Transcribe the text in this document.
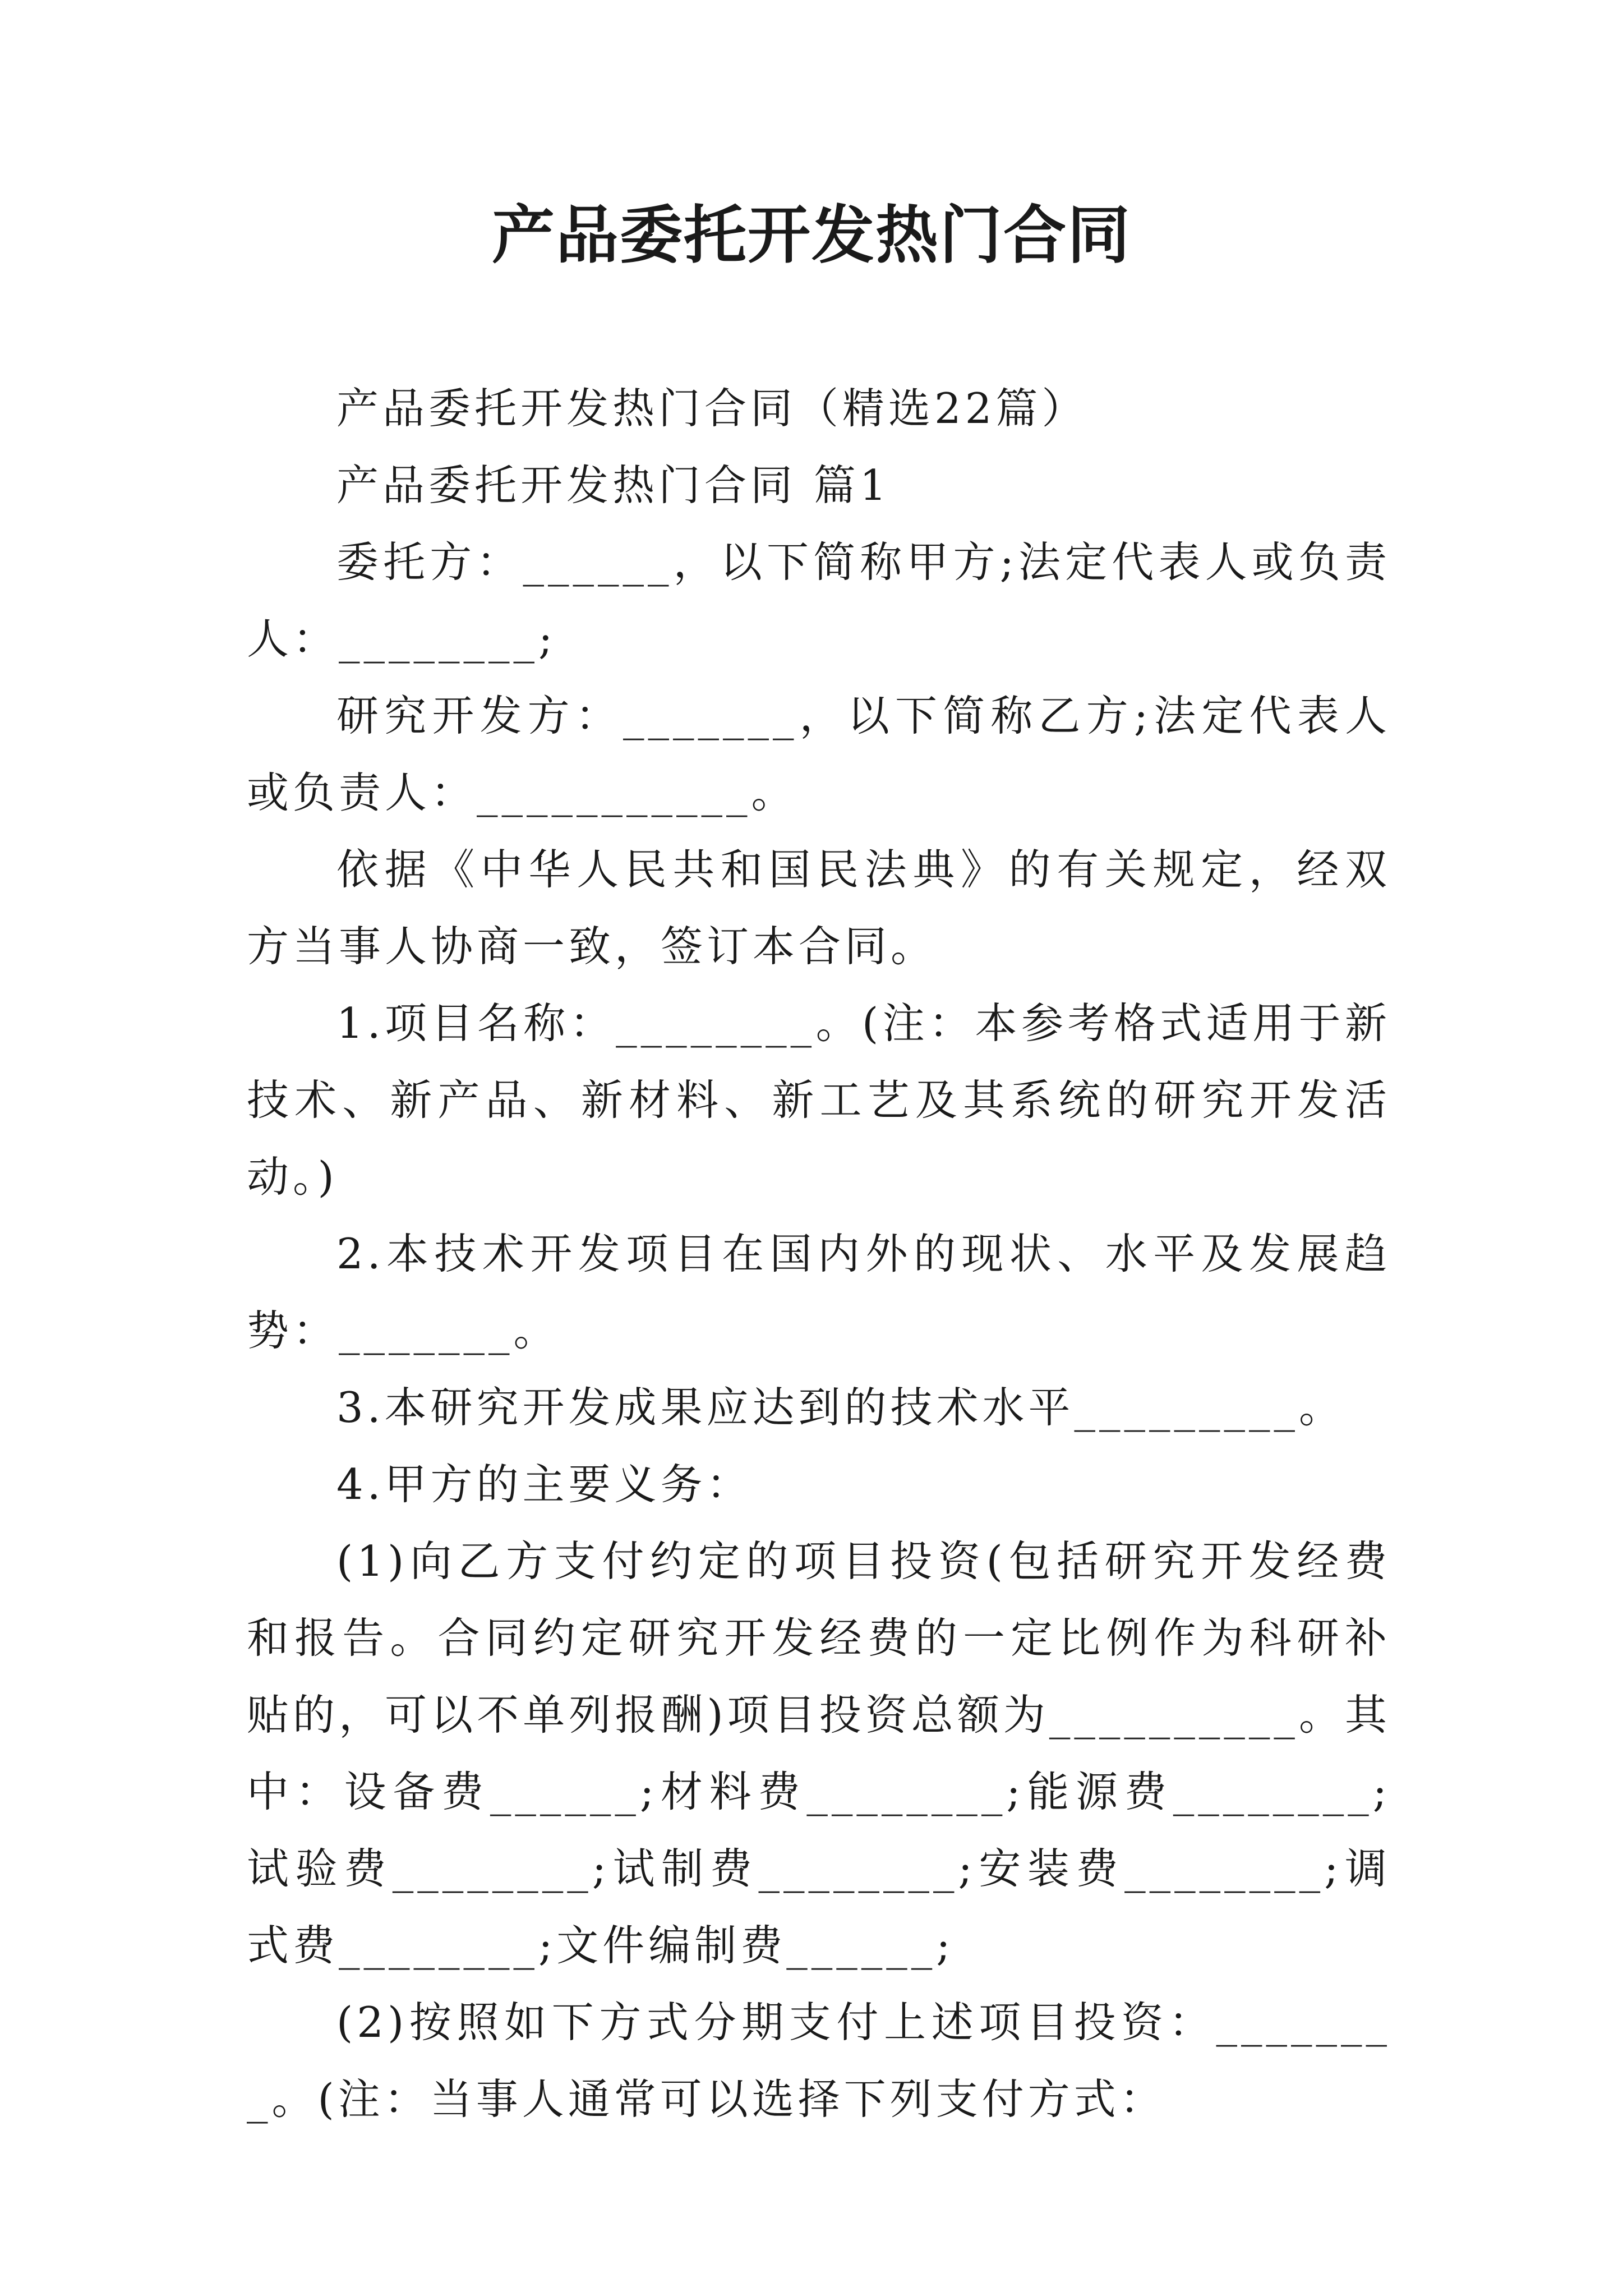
产品委托开发热门合同

产品委托开发热门合同（精选22篇）

产品委托开发热门合同 篇1

委托方：______，以下简称甲方;法定代表人或负责人：________;

研究开发方：_______，以下简称乙方;法定代表人或负责人：___________。

依据《中华人民共和国民法典》的有关规定，经双方当事人协商一致，签订本合同。

1.项目名称：________。(注：本参考格式适用于新技术、新产品、新材料、新工艺及其系统的研究开发活动。)

2.本技术开发项目在国内外的现状、水平及发展趋势：_______。

3.本研究开发成果应达到的技术水平_________。

4.甲方的主要义务：

(1)向乙方支付约定的项目投资(包括研究开发经费和报告。合同约定研究开发经费的一定比例作为科研补贴的，可以不单列报酬)项目投资总额为__________。其中：设备费______;材料费________;能源费________;试验费________;试制费________;安装费________;调式费________;文件编制费______;

(2)按照如下方式分期支付上述项目投资：________。(注：当事人通常可以选择下列支付方式：
